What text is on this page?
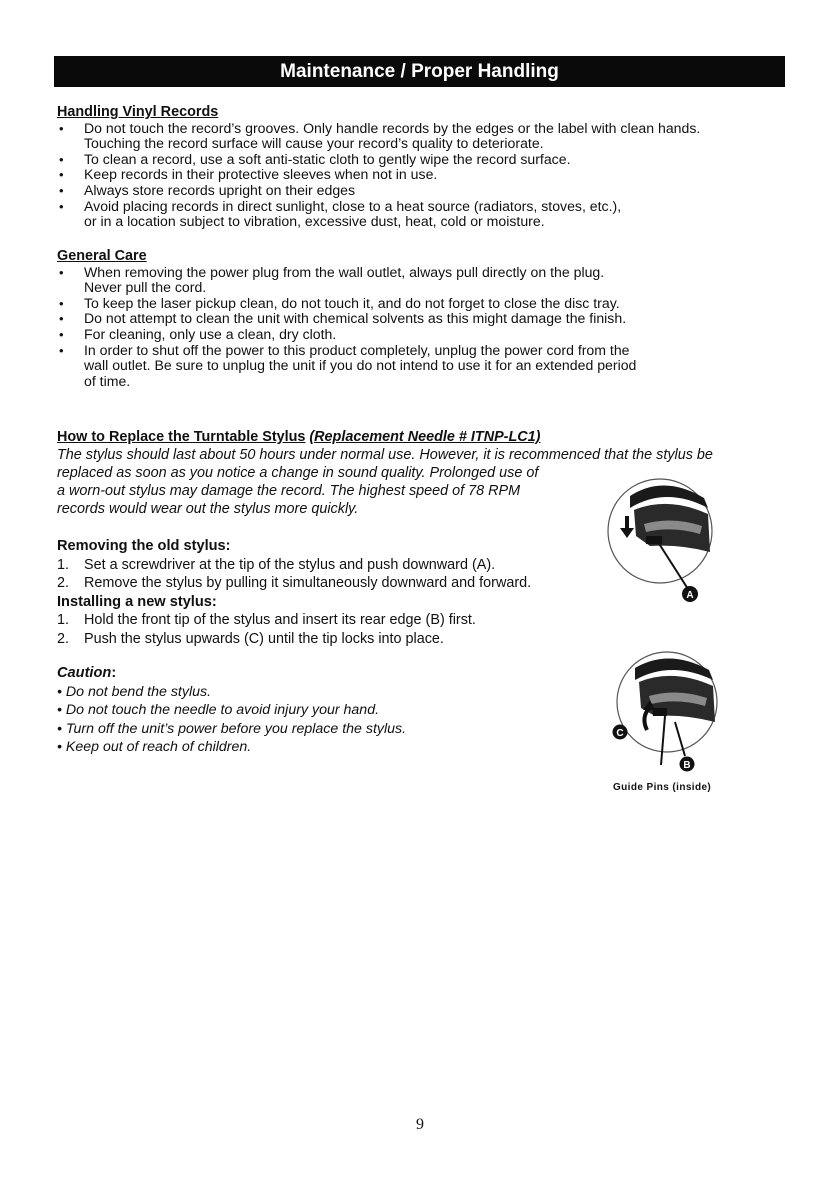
Maintenance / Proper Handling
Handling Vinyl Records
• Do not touch the record’s grooves. Only handle records by the edges or the label with clean hands.
Touching the record surface will cause your record’s quality to deteriorate.
• To clean a record, use a soft anti-static cloth to gently wipe the record surface.
• Keep records in their protective sleeves when not in use.
• Always store records upright on their edges
• Avoid placing records in direct sunlight, close to a heat source (radiators, stoves, etc.),
or in a location subject to vibration, excessive dust, heat, cold or moisture.
General Care
• When removing the power plug from the wall outlet, always pull directly on the plug.
Never pull the cord.
• To keep the laser pickup clean, do not touch it, and do not forget to close the disc tray.
• Do not attempt to clean the unit with chemical solvents as this might damage the finish.
• For cleaning, only use a clean, dry cloth.
• In order to shut off the power to this product completely, unplug the power cord from the
wall outlet. Be sure to unplug the unit if you do not intend to use it for an extended period
of time.
How to Replace the Turntable Stylus (Replacement Needle # ITNP-LC1)
The stylus should last about 50 hours under normal use. However, it is recommenced that the stylus be
replaced as soon as you notice a change in sound quality. Prolonged use of
a worn-out stylus may damage the record. The highest speed of 78 RPM
records would wear out the stylus more quickly.
Removing the old stylus:
1. Set a screwdriver at the tip of the stylus and push downward (A).
2. Remove the stylus by pulling it simultaneously downward and forward.
Installing a new stylus:
1. Hold the front tip of the stylus and insert its rear edge (B) first.
2. Push the stylus upwards (C) until the tip locks into place.
Caution:
• Do not bend the stylus.
• Do not touch the needle to avoid injury your hand.
• Turn off the unit’s power before you replace the stylus.
• Keep out of reach of children.
A
C
B
Guide Pins (inside)
9
